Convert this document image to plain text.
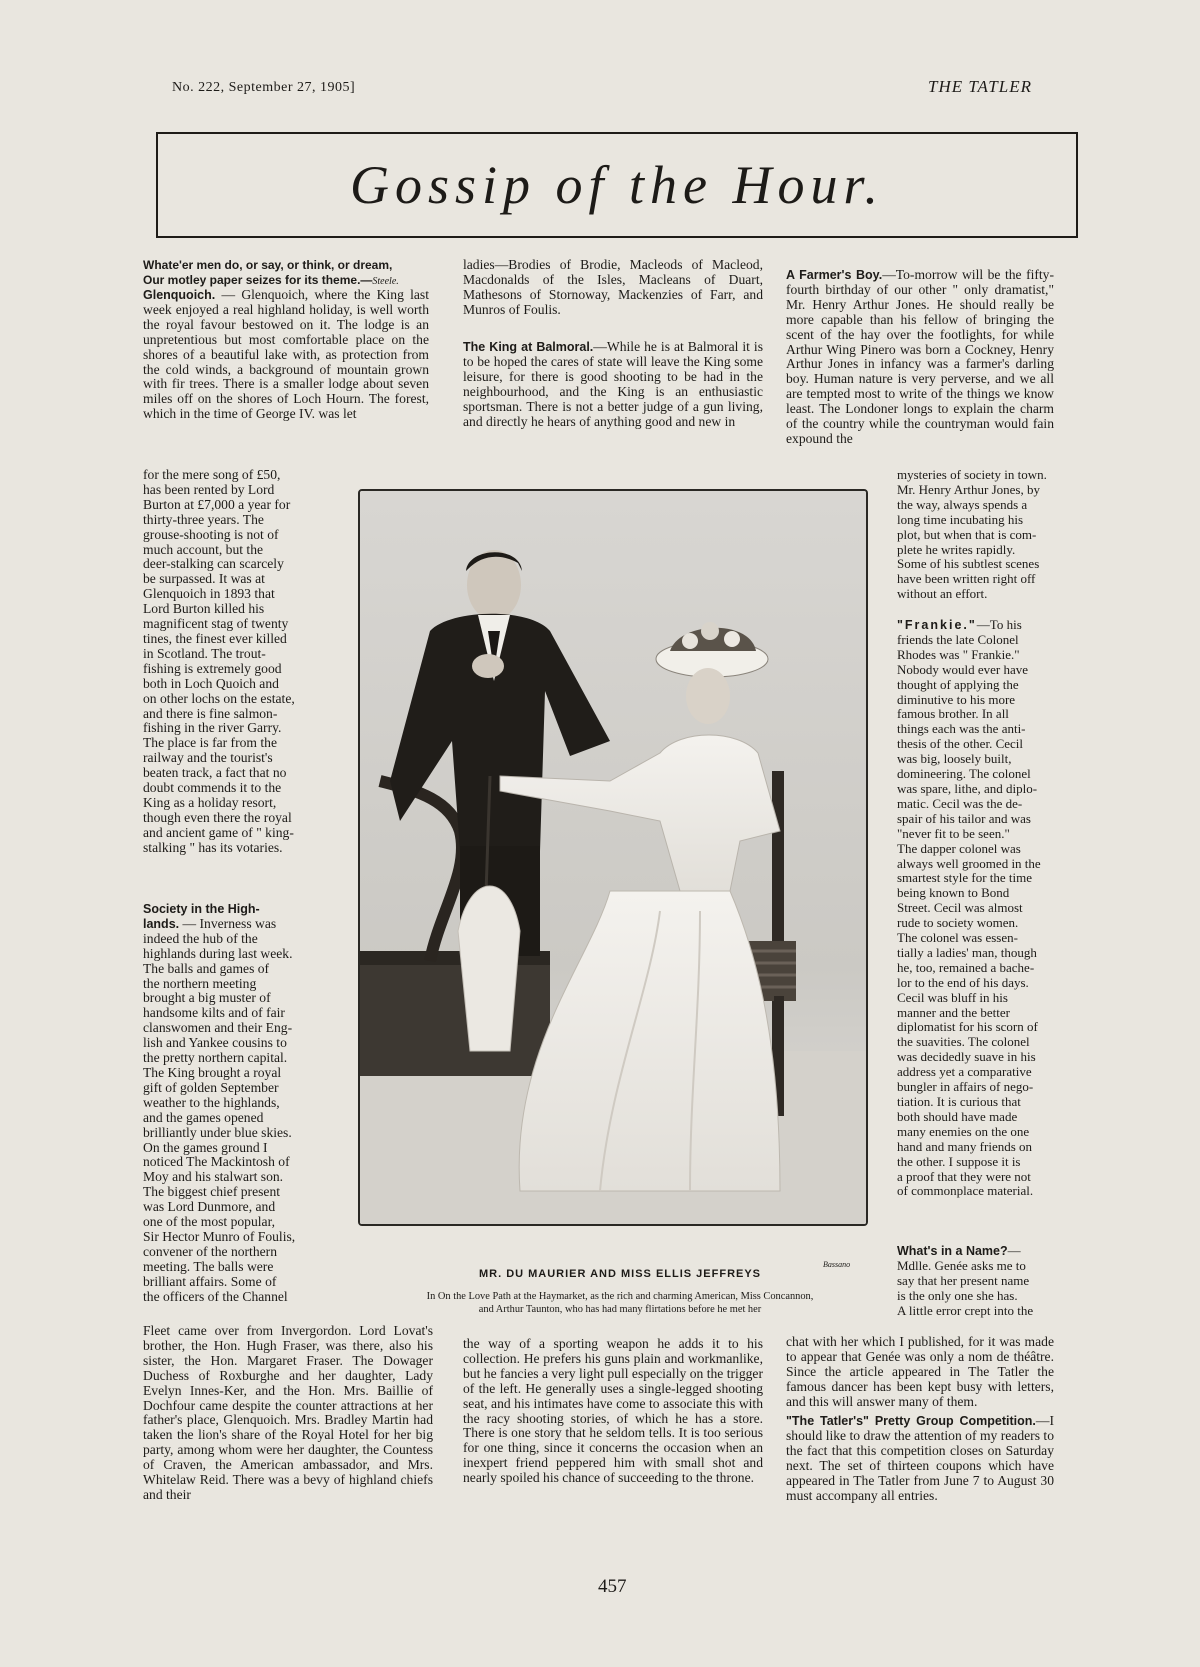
No. 222, September 27, 1905]	THE TATLER
Gossip of the Hour.
Whate'er men do, or say, or think, or dream,
Our motley paper seizes for its theme.—Steele.
Glenquoich. — Glenquoich, where the King last week enjoyed a real highland holiday, is well worth the royal favour bestowed on it. The lodge is an unpretentious but most comfortable place on the shores of a beautiful lake with, as protection from the cold winds, a background of mountain grown with fir trees. There is a smaller lodge about seven miles off on the shores of Loch Hourn. The forest, which in the time of George IV. was let
for the mere song of £50,
has been rented by Lord
Burton at £7,000 a year for
thirty-three years. The
grouse-shooting is not of
much account, but the
deer-stalking can scarcely
be surpassed. It was at
Glenquoich in 1893 that
Lord Burton killed his
magnificent stag of twenty
tines, the finest ever killed
in Scotland. The trout-
fishing is extremely good
both in Loch Quoich and
on other lochs on the estate,
and there is fine salmon-
fishing in the river Garry.
The place is far from the
railway and the tourist's
beaten track, a fact that no
doubt commends it to the
King as a holiday resort,
though even there the royal
and ancient game of " king-
stalking " has its votaries.
Society in the High-
lands. — Inverness was
indeed the hub of the
highlands during last week.
The balls and games of
the northern meeting
brought a big muster of
handsome kilts and of fair
clanswomen and their Eng-
lish and Yankee cousins to
the pretty northern capital.
The King brought a royal
gift of golden September
weather to the highlands,
and the games opened
brilliantly under blue skies.
On the games ground I
noticed The Mackintosh of
Moy and his stalwart son.
The biggest chief present
was Lord Dunmore, and
one of the most popular,
Sir Hector Munro of Foulis,
convener of the northern
meeting. The balls were
brilliant affairs. Some of
the officers of the Channel
Fleet came over from Invergordon. Lord Lovat's brother, the Hon. Hugh Fraser, was there, also his sister, the Hon. Margaret Fraser. The Dowager Duchess of Roxburghe and her daughter, Lady Evelyn Innes-Ker, and the Hon. Mrs. Baillie of Dochfour came despite the counter attractions at her father's place, Glenquoich. Mrs. Bradley Martin had taken the lion's share of the Royal Hotel for her big party, among whom were her daughter, the Countess of Craven, the American ambassador, and Mrs. Whitelaw Reid. There was a bevy of highland chiefs and their
ladies—Brodies of Brodie, Macleods of Macleod, Macdonalds of the Isles, Macleans of Duart, Mathesons of Stornoway, Mackenzies of Farr, and Munros of Foulis.
The King at Balmoral.—While he is at Balmoral it is to be hoped the cares of state will leave the King some leisure, for there is good shooting to be had in the neighbourhood, and the King is an enthusiastic sportsman. There is not a better judge of a gun living, and directly he hears of anything good and new in
the way of a sporting weapon he adds it to his collection. He prefers his guns plain and workmanlike, but he fancies a very light pull especially on the trigger of the left. He generally uses a single-legged shooting seat, and his intimates have come to associate this with the racy shooting stories, of which he has a store. There is one story that he seldom tells. It is too serious for one thing, since it concerns the occasion when an inexpert friend peppered him with small shot and nearly spoiled his chance of succeeding to the throne.
A Farmer's Boy.—To-morrow will be the fifty-fourth birthday of our other " only dramatist," Mr. Henry Arthur Jones. He should really be more capable than his fellow of bringing the scent of the hay over the footlights, for while Arthur Wing Pinero was born a Cockney, Henry Arthur Jones in infancy was a farmer's darling boy. Human nature is very perverse, and we all are tempted most to write of the things we know least. The Londoner longs to explain the charm of the country while the countryman would fain expound the
mysteries of society in town.
Mr. Henry Arthur Jones, by
the way, always spends a
long time incubating his
plot, but when that is com-
plete he writes rapidly.
Some of his subtlest scenes
have been written right off
without an effort.
"Frankie."—To his
friends the late Colonel
Rhodes was " Frankie."
Nobody would ever have
thought of applying the
diminutive to his more
famous brother. In all
things each was the anti-
thesis of the other. Cecil
was big, loosely built,
domineering. The colonel
was spare, lithe, and diplo-
matic. Cecil was the de-
spair of his tailor and was
"never fit to be seen."
The dapper colonel was
always well groomed in the
smartest style for the time
being known to Bond
Street. Cecil was almost
rude to society women.
The colonel was essen-
tially a ladies' man, though
he, too, remained a bache-
lor to the end of his days.
Cecil was bluff in his
manner and the better
diplomatist for his scorn of
the suavities. The colonel
was decidedly suave in his
address yet a comparative
bungler in affairs of nego-
tiation. It is curious that
both should have made
many enemies on the one
hand and many friends on
the other. I suppose it is
a proof that they were not
of commonplace material.
What's in a Name?—
Mdlle. Genée asks me to
say that her present name
is the only one she has.
A little error crept into the
chat with her which I published, for it was made to appear that Genée was only a nom de théâtre. Since the article appeared in The Tatler the famous dancer has been kept busy with letters, and this will answer many of them.
"The Tatler's" Pretty Group Competition.—I should like to draw the attention of my readers to the fact that this competition closes on Saturday next. The set of thirteen coupons which have appeared in The Tatler from June 7 to August 30 must accompany all entries.
Bassano
MR. DU MAURIER AND MISS ELLIS JEFFREYS
In On the Love Path at the Haymarket, as the rich and charming American, Miss Concannon,
and Arthur Taunton, who has had many flirtations before he met her
457
